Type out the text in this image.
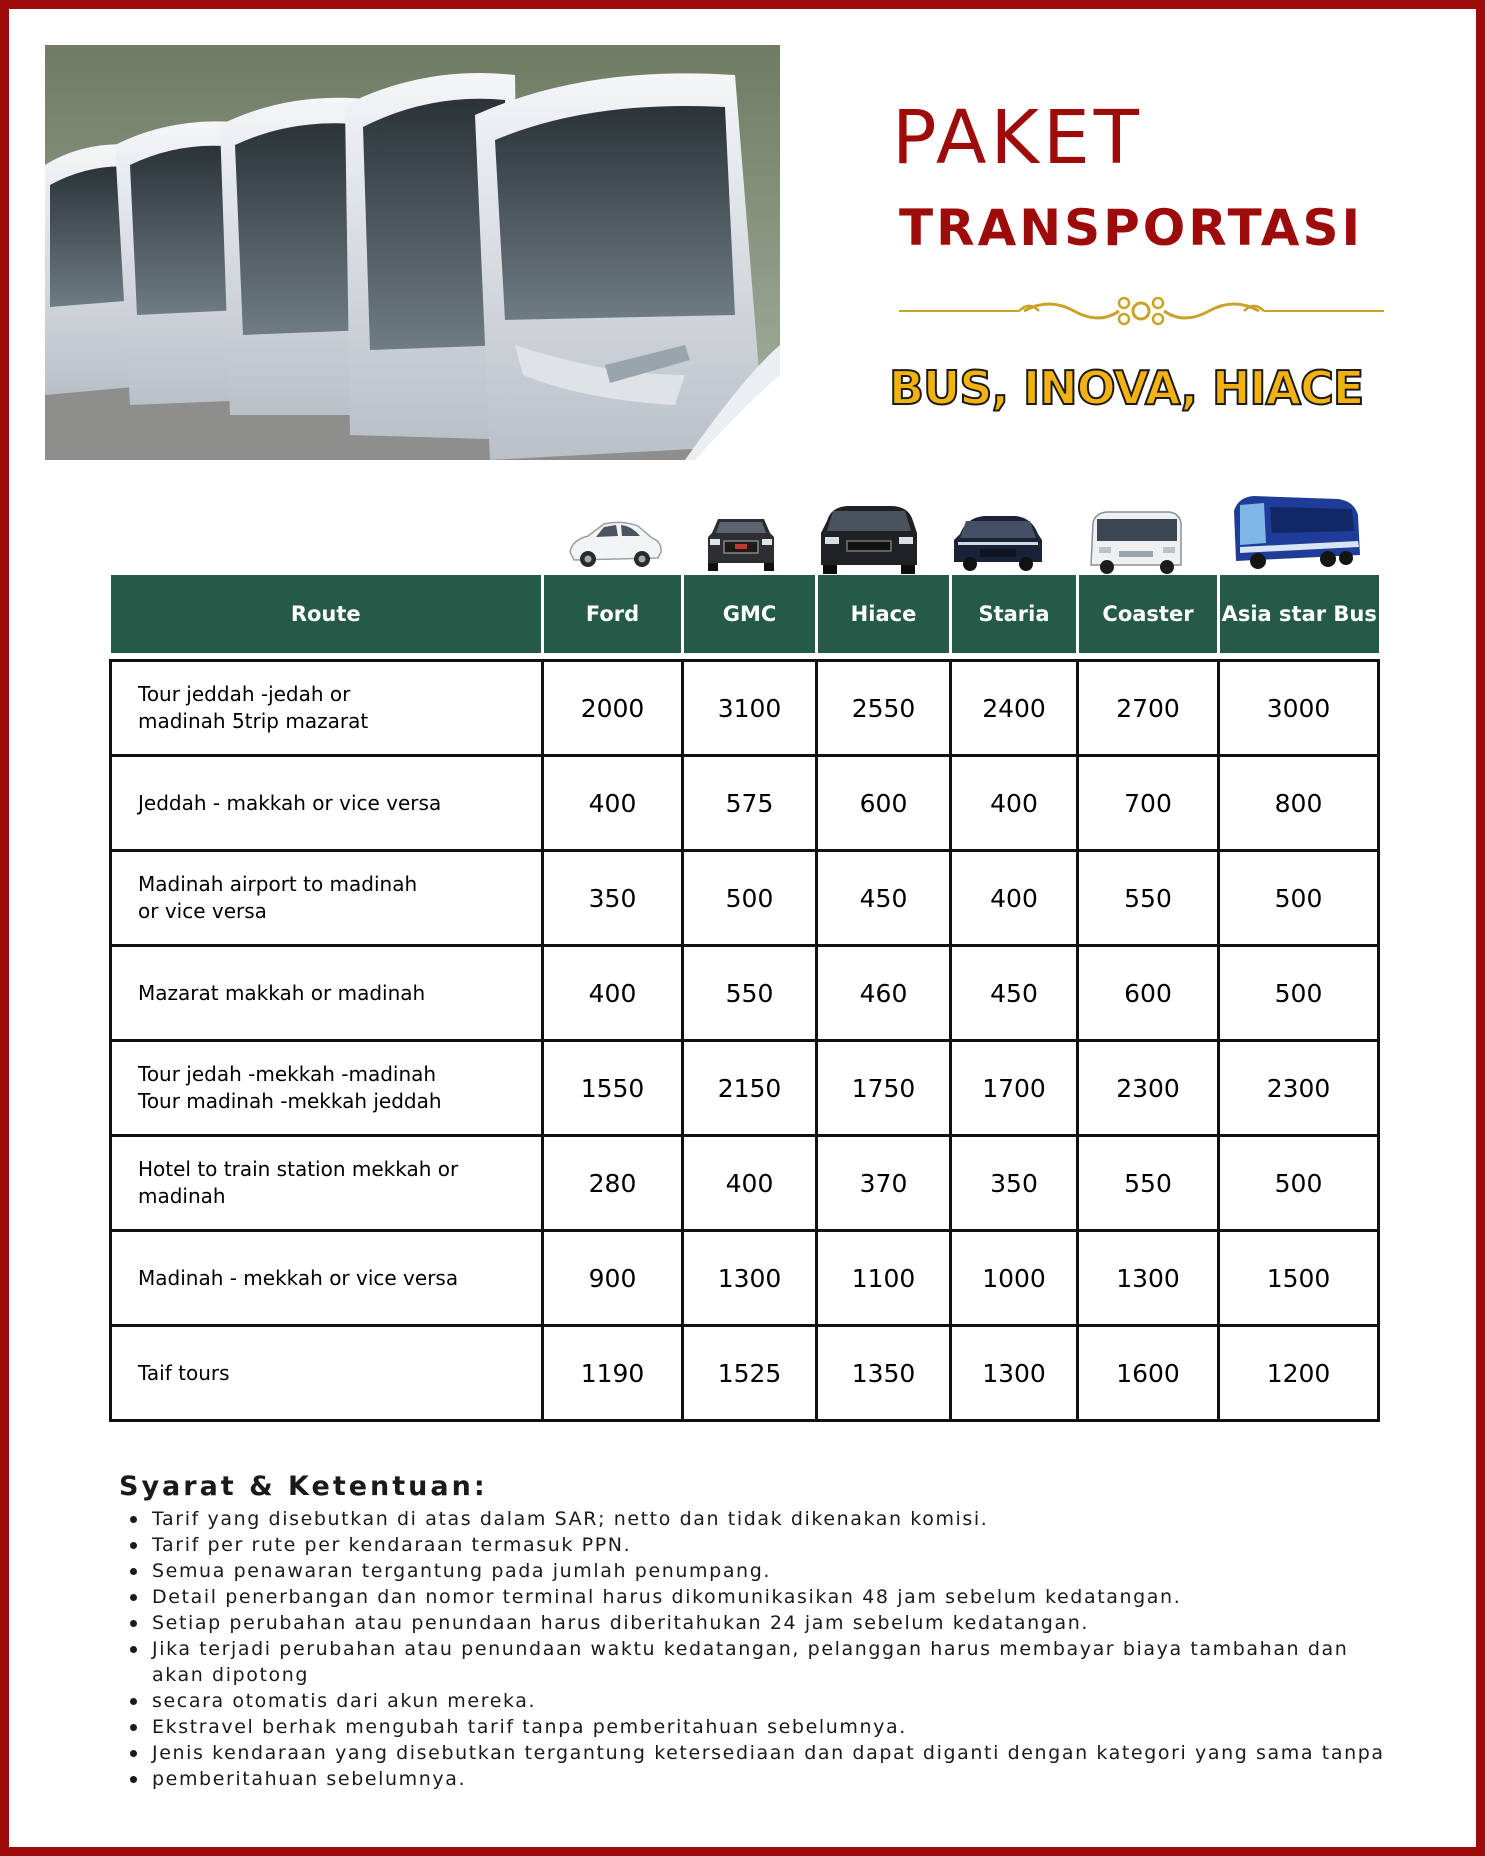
PAKET
TRANSPORTASI
BUS, INOVA, HIACE
Route	Ford	GMC	Hiace	Staria	Coaster	Asia star Bus

Tour jeddah -jedah or
madinah 5trip mazarat	2000	3100	2550	2400	2700	3000
Jeddah - makkah or vice versa	400	575	600	400	700	800
Madinah airport to madinah
or vice versa	350	500	450	400	550	500
Mazarat makkah or madinah	400	550	460	450	600	500
Tour jedah -mekkah -madinah
Tour madinah -mekkah jeddah	1550	2150	1750	1700	2300	2300
Hotel to train station mekkah or
madinah	280	400	370	350	550	500
Madinah - mekkah or vice versa	900	1300	1100	1000	1300	1500
Taif tours	1190	1525	1350	1300	1600	1200
Syarat & Ketentuan:
Tarif yang disebutkan di atas dalam SAR; netto dan tidak dikenakan komisi.
Tarif per rute per kendaraan termasuk PPN.
Semua penawaran tergantung pada jumlah penumpang.
Detail penerbangan dan nomor terminal harus dikomunikasikan 48 jam sebelum kedatangan.
Setiap perubahan atau penundaan harus diberitahukan 24 jam sebelum kedatangan.
Jika terjadi perubahan atau penundaan waktu kedatangan, pelanggan harus membayar biaya tambahan dan akan dipotong
secara otomatis dari akun mereka.
Ekstravel berhak mengubah tarif tanpa pemberitahuan sebelumnya.
Jenis kendaraan yang disebutkan tergantung ketersediaan dan dapat diganti dengan kategori yang sama tanpa
pemberitahuan sebelumnya.
